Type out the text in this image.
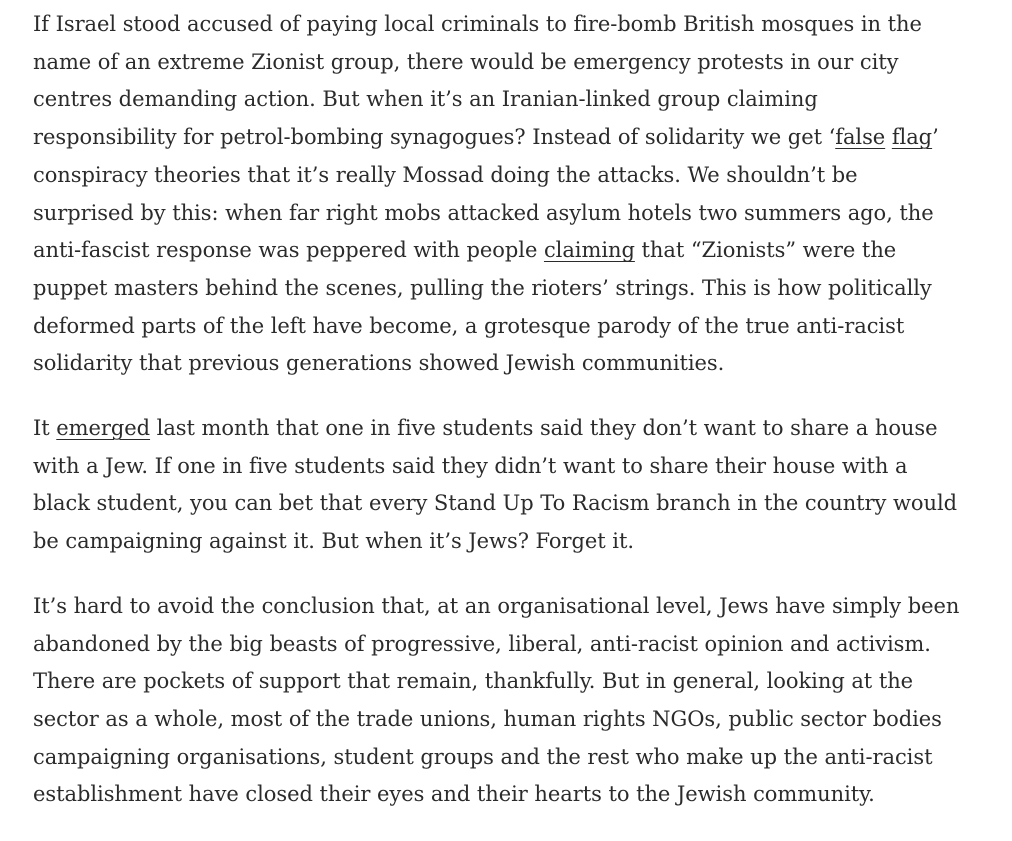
If Israel stood accused of paying local criminals to fire-bomb British mosques in the
name of an extreme Zionist group, there would be emergency protests in our city
centres demanding action. But when it’s an Iranian-linked group claiming
responsibility for petrol-bombing synagogues? Instead of solidarity we get ‘false flag’
conspiracy theories that it’s really Mossad doing the attacks. We shouldn’t be
surprised by this: when far right mobs attacked asylum hotels two summers ago, the
anti-fascist response was peppered with people claiming that “Zionists” were the
puppet masters behind the scenes, pulling the rioters’ strings. This is how politically
deformed parts of the left have become, a grotesque parody of the true anti-racist
solidarity that previous generations showed Jewish communities.

It emerged last month that one in five students said they don’t want to share a house
with a Jew. If one in five students said they didn’t want to share their house with a
black student, you can bet that every Stand Up To Racism branch in the country would
be campaigning against it. But when it’s Jews? Forget it.

It’s hard to avoid the conclusion that, at an organisational level, Jews have simply been
abandoned by the big beasts of progressive, liberal, anti-racist opinion and activism.
There are pockets of support that remain, thankfully. But in general, looking at the
sector as a whole, most of the trade unions, human rights NGOs, public sector bodies
campaigning organisations, student groups and the rest who make up the anti-racist
establishment have closed their eyes and their hearts to the Jewish community.
